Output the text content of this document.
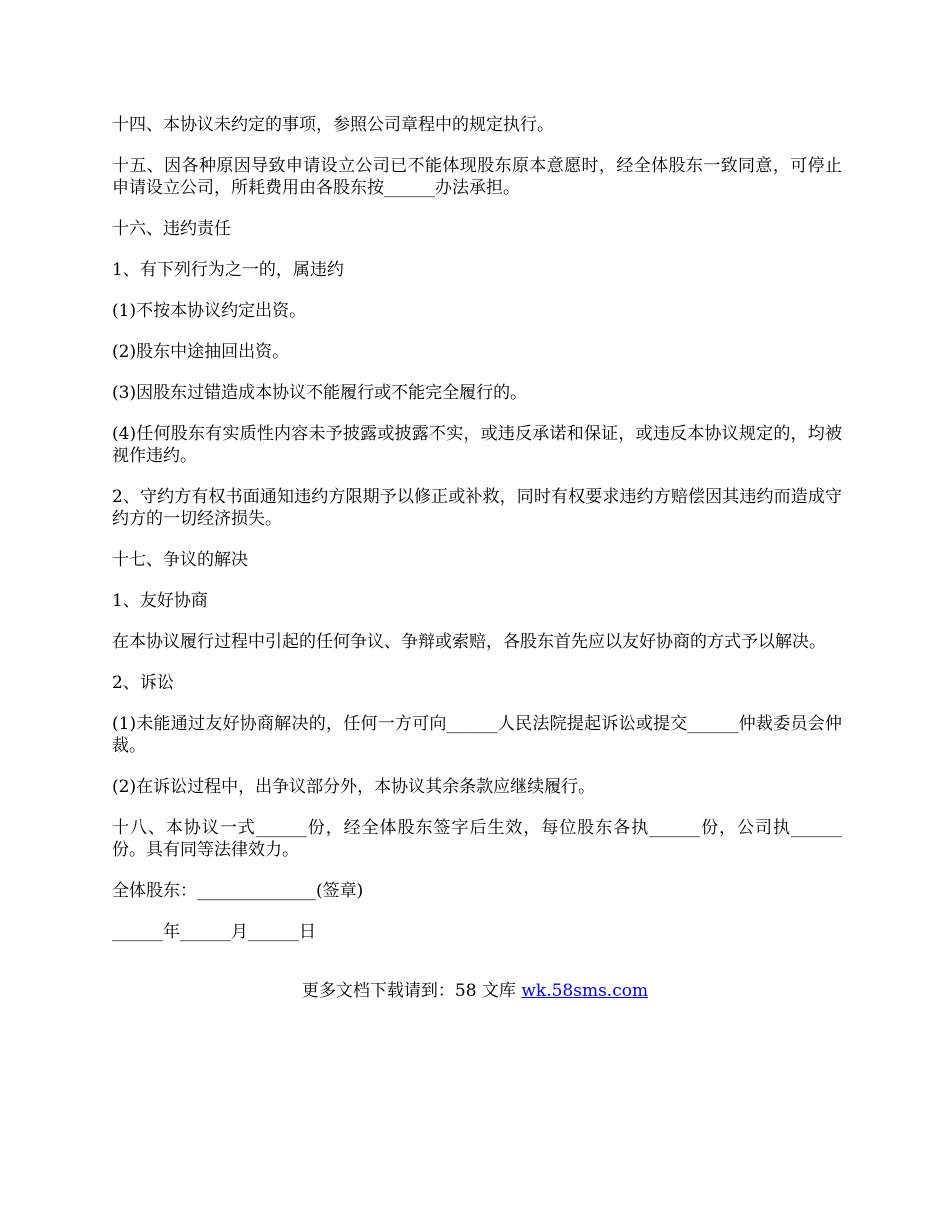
十四、本协议未约定的事项，参照公司章程中的规定执行。

十五、因各种原因导致申请设立公司已不能体现股东原本意愿时，经全体股东一致同意，可停止申请设立公司，所耗费用由各股东按______办法承担。

十六、违约责任

1、有下列行为之一的，属违约

(1)不按本协议约定出资。

(2)股东中途抽回出资。

(3)因股东过错造成本协议不能履行或不能完全履行的。

(4)任何股东有实质性内容未予披露或披露不实，或违反承诺和保证，或违反本协议规定的，均被视作违约。

2、守约方有权书面通知违约方限期予以修正或补救，同时有权要求违约方赔偿因其违约而造成守约方的一切经济损失。

十七、争议的解决

1、友好协商

在本协议履行过程中引起的任何争议、争辩或索赔，各股东首先应以友好协商的方式予以解决。

2、诉讼

(1)未能通过友好协商解决的，任何一方可向______人民法院提起诉讼或提交______仲裁委员会仲裁。

(2)在诉讼过程中，出争议部分外，本协议其余条款应继续履行。

十八、本协议一式______份，经全体股东签字后生效，每位股东各执______份，公司执______份。具有同等法律效力。

全体股东：______________(签章)

______年______月______日

更多文档下载请到：58 文库 wk.58sms.com
